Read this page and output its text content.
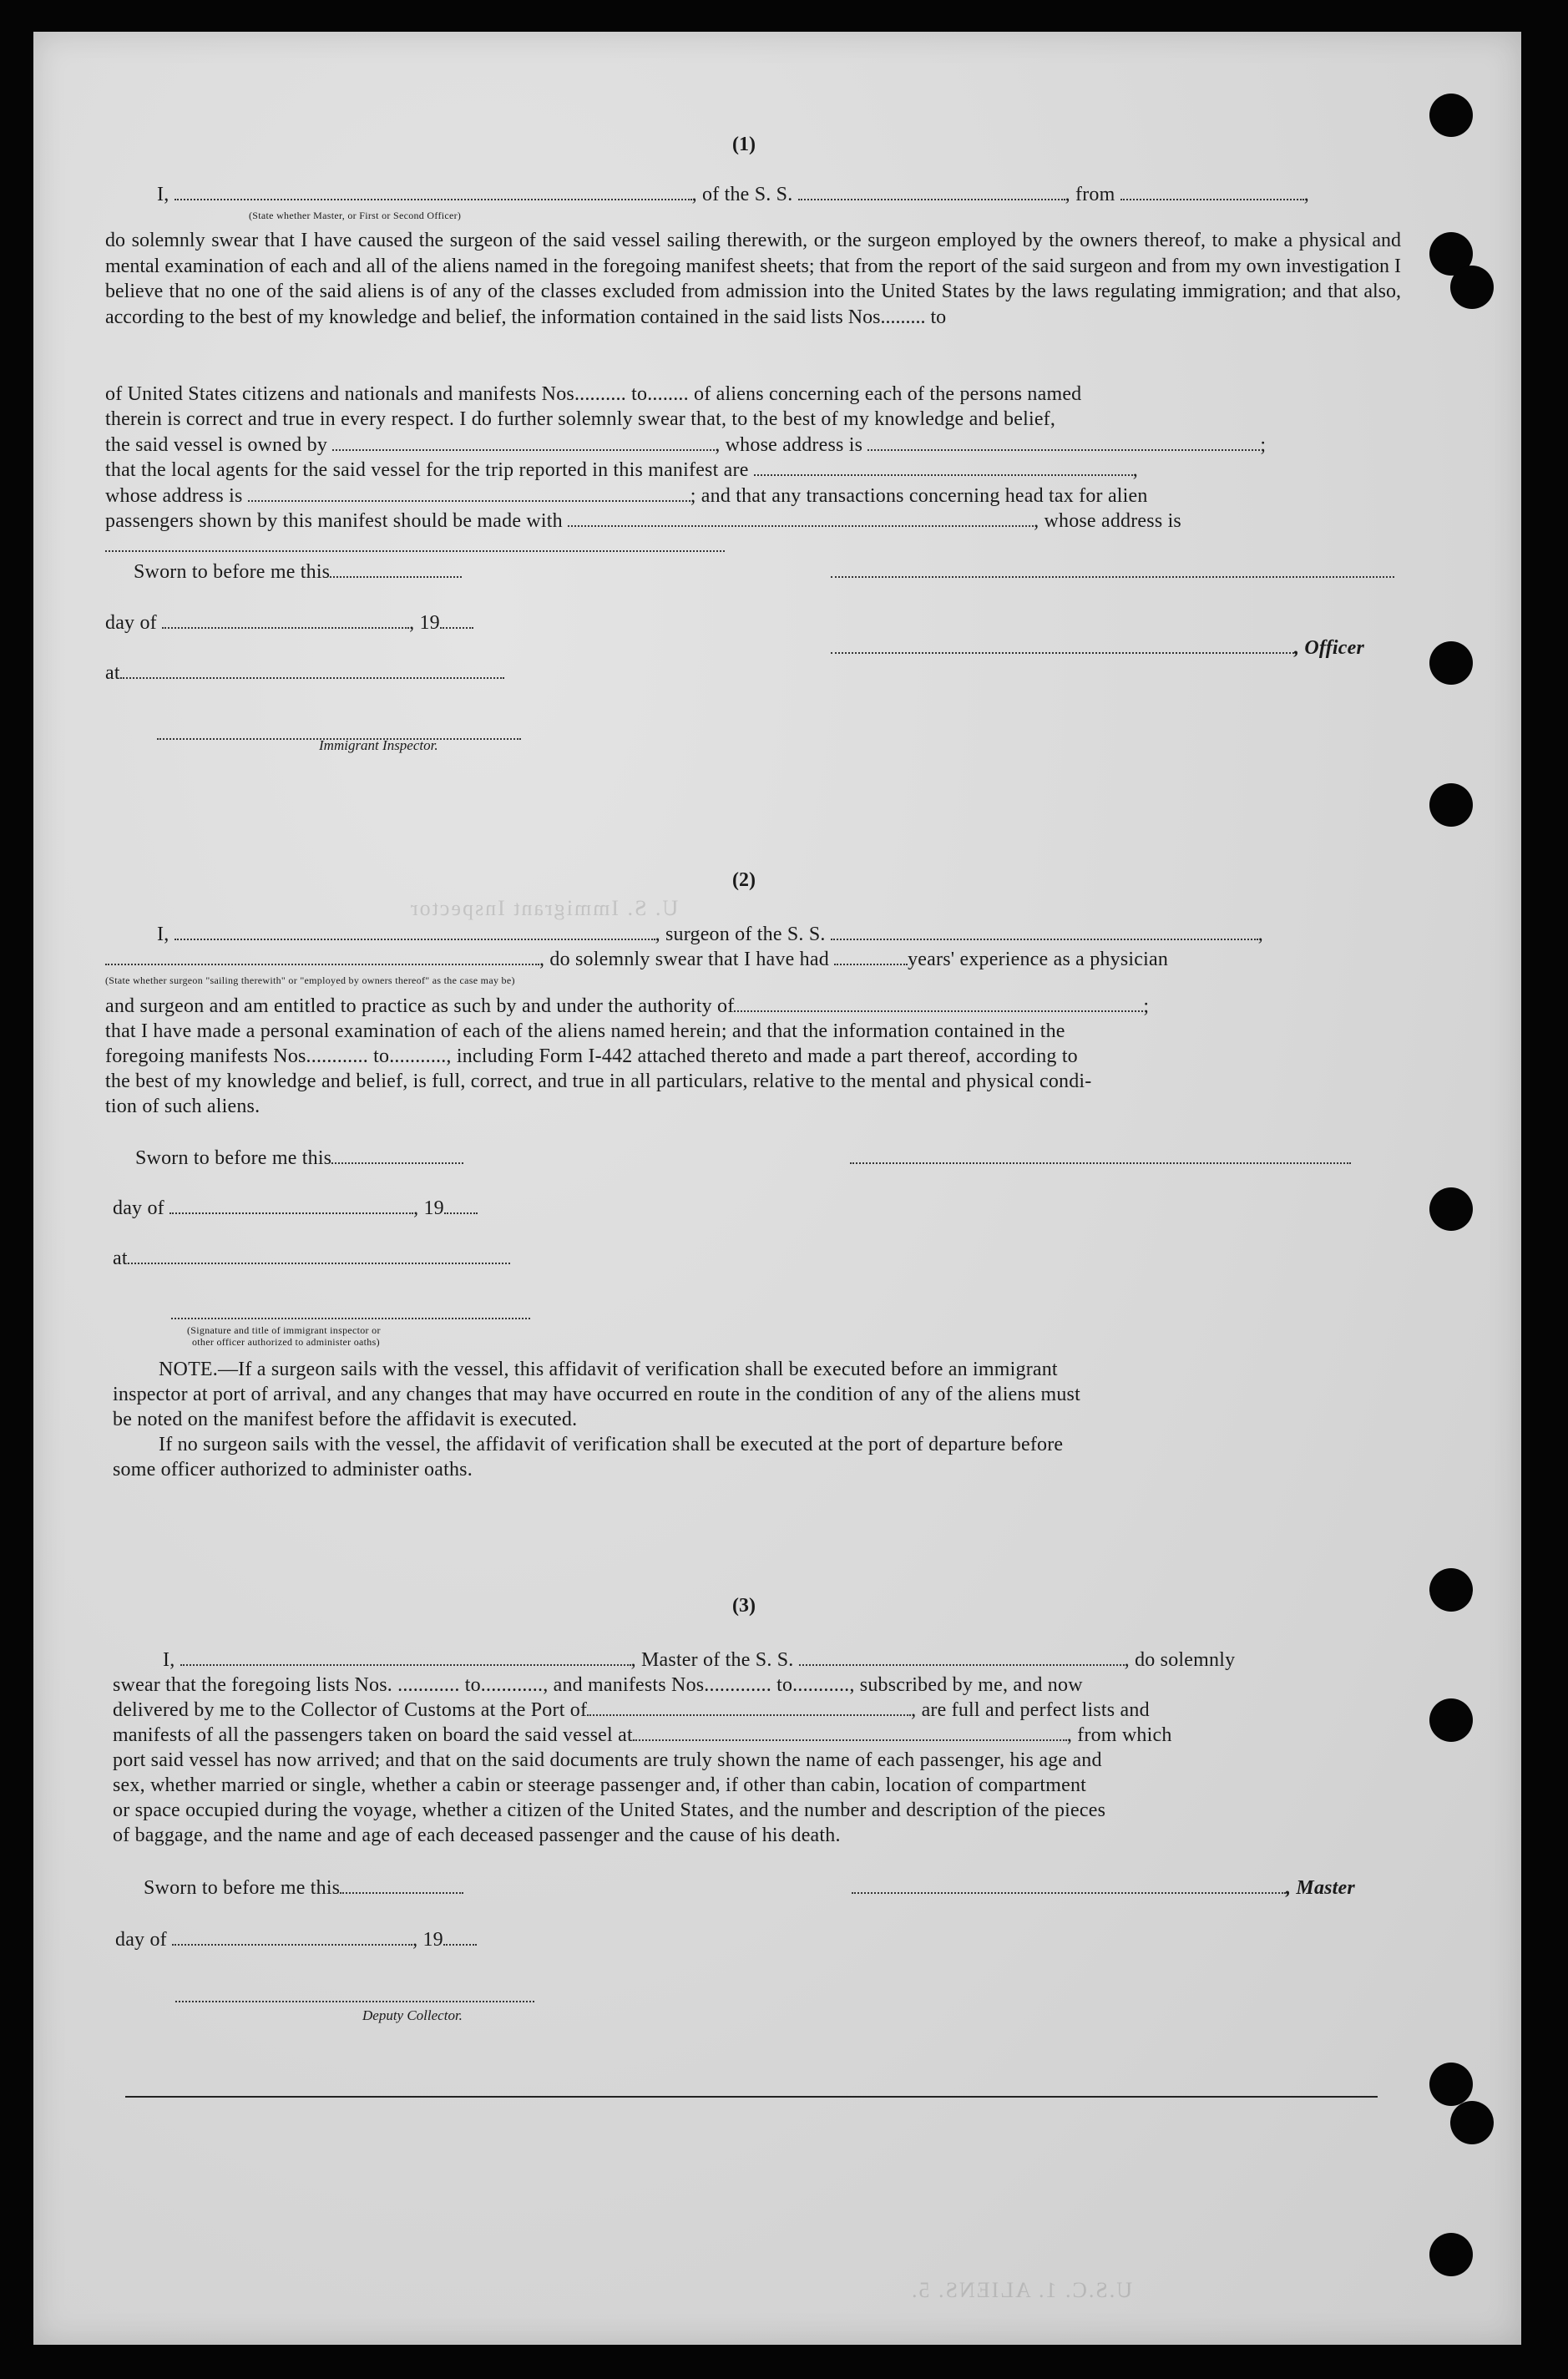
U. S. Immigrant Inspector
U.S.C. 1. ALIENS. 5.
(1)
I,	, of the S. S.	, from	,
(State whether Master, or First or Second Officer)
do solemnly swear that I have caused the surgeon of the said vessel sailing therewith, or the surgeon employed by the owners thereof, to make a physical and mental examination of each and all of the aliens named in the foregoing manifest sheets; that from the report of the said surgeon and from my own investigation I believe that no one of the said aliens is of any of the classes excluded from admission into the United States by the laws regulating immigration; and that also, according to the best of my knowledge and belief, the information contained in the said lists Nos......... to
of United States citizens and nationals and manifests Nos.......... to........ of aliens concerning each of the persons named
therein is correct and true in every respect. I do further solemnly swear that, to the best of my knowledge and belief,
the said vessel is owned by	, whose address is	;
that the local agents for the said vessel for the trip reported in this manifest are	,
whose address is	; and that any transactions concerning head tax for alien
passengers shown by this manifest should be made with	, whose address is
Sworn to before me this
day of	, 19
, Officer
at
Immigrant Inspector.
(2)
I,	, surgeon of the S. S.	,
, do solemnly swear that I have had	years' experience as a physician
(State whether surgeon "sailing therewith" or "employed by owners thereof" as the case may be)
and surgeon and am entitled to practice as such by and under the authority of	;
that I have made a personal examination of each of the aliens named herein; and that the information contained in the
foregoing manifests Nos............ to..........., including Form I-442 attached thereto and made a part thereof, according to
the best of my knowledge and belief, is full, correct, and true in all particulars, relative to the mental and physical condi-
tion of such aliens.
Sworn to before me this
day of	, 19
at
(Signature and title of immigrant inspector or
other officer authorized to administer oaths)
NOTE.—If a surgeon sails with the vessel, this affidavit of verification shall be executed before an immigrant
inspector at port of arrival, and any changes that may have occurred en route in the condition of any of the aliens must
be noted on the manifest before the affidavit is executed.
If no surgeon sails with the vessel, the affidavit of verification shall be executed at the port of departure before
some officer authorized to administer oaths.
(3)
I,	, Master of the S. S.	, do solemnly
swear that the foregoing lists Nos. ............ to............, and manifests Nos............. to..........., subscribed by me, and now
delivered by me to the Collector of Customs at the Port of	, are full and perfect lists and
manifests of all the passengers taken on board the said vessel at	, from which
port said vessel has now arrived; and that on the said documents are truly shown the name of each passenger, his age and
sex, whether married or single, whether a cabin or steerage passenger and, if other than cabin, location of compartment
or space occupied during the voyage, whether a citizen of the United States, and the number and description of the pieces
of baggage, and the name and age of each deceased passenger and the cause of his death.
Sworn to before me this	, Master
day of	, 19
Deputy Collector.
